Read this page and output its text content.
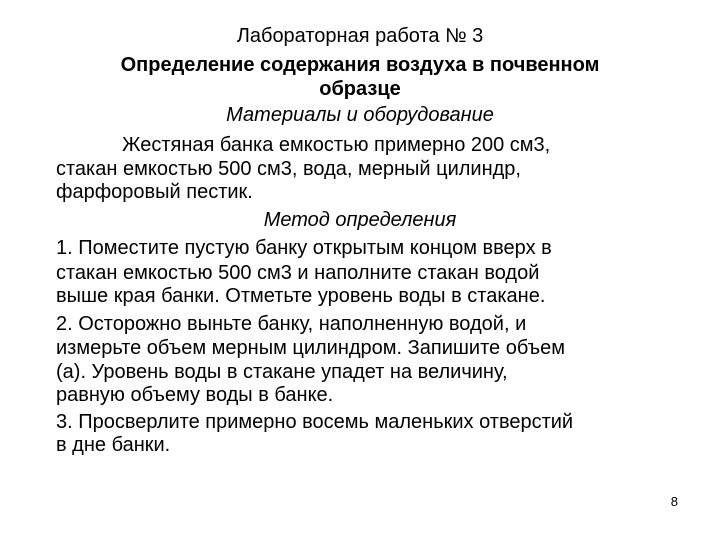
Лабораторная работа № 3
Определение содержания воздуха в почвенном
образце
Материалы и оборудование
Жестяная банка емкостью примерно 200 см3,
стакан емкостью 500 см3, вода, мерный цилиндр,
фарфоровый пестик.
Метод определения
1. Поместите пустую банку открытым концом вверх в
стакан емкостью 500 см3 и наполните стакан водой
выше края банки. Отметьте уровень воды в стакане.
2. Осторожно выньте банку, наполненную водой, и
измерьте объем мерным цилиндром. Запишите объем
(а). Уровень воды в стакане упадет на величину,
равную объему воды в банке.
3. Просверлите примерно восемь маленьких отверстий
в дне банки.
8
